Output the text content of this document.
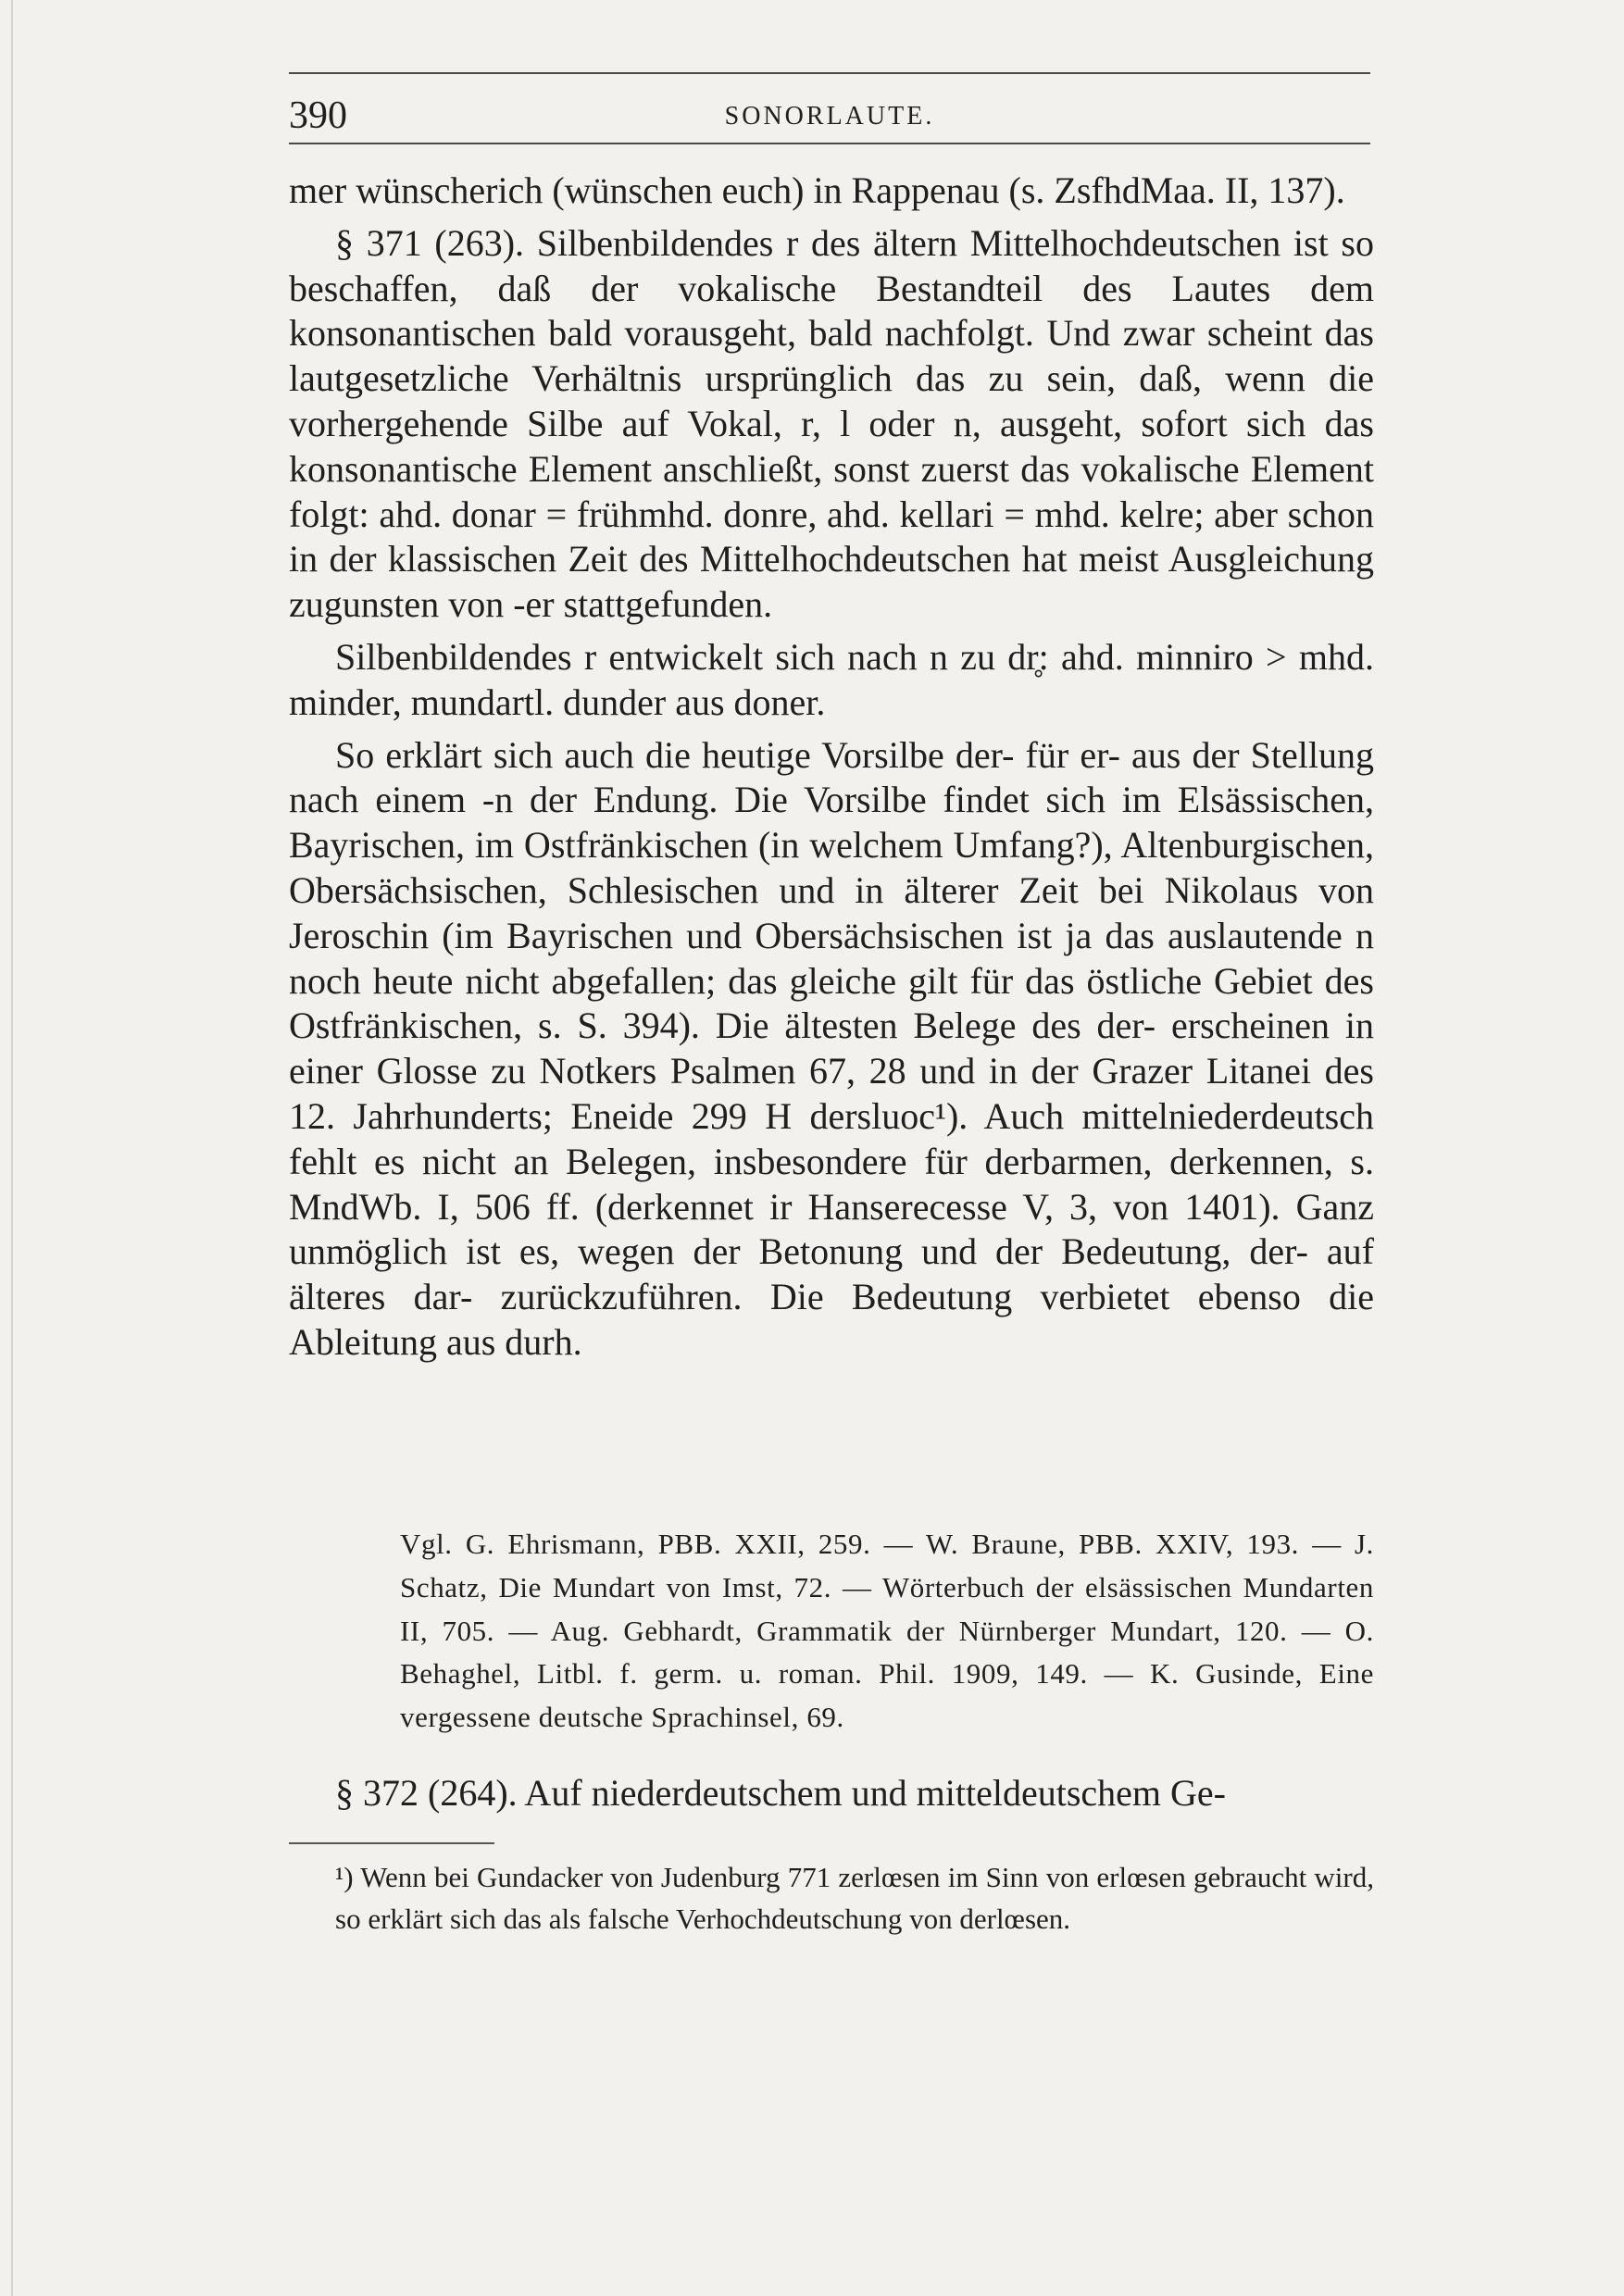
390	SONORLAUTE.

mer wünscherich (wünschen euch) in Rappenau (s. ZsfhdMaa. II, 137).

§ 371 (263). Silbenbildendes r des ältern Mittelhochdeutschen ist so beschaffen, daß der vokalische Bestandteil des Lautes dem konsonantischen bald vorausgeht, bald nachfolgt. Und zwar scheint das lautgesetzliche Verhältnis ursprünglich das zu sein, daß, wenn die vorhergehende Silbe auf Vokal, r, l oder n, ausgeht, sofort sich das konsonantische Element anschließt, sonst zuerst das vokalische Element folgt: ahd. donar = frühmhd. donre, ahd. kellari = mhd. kelre; aber schon in der klassischen Zeit des Mittelhochdeutschen hat meist Ausgleichung zugunsten von -er stattgefunden.

Silbenbildendes r entwickelt sich nach n zu dr̥: ahd. minniro > mhd. minder, mundartl. dunder aus doner.

So erklärt sich auch die heutige Vorsilbe der- für er- aus der Stellung nach einem -n der Endung. Die Vorsilbe findet sich im Elsässischen, Bayrischen, im Ostfränkischen (in welchem Umfang?), Altenburgischen, Obersächsischen, Schlesischen und in älterer Zeit bei Nikolaus von Jeroschin (im Bayrischen und Obersächsischen ist ja das auslautende n noch heute nicht abgefallen; das gleiche gilt für das östliche Gebiet des Ostfränkischen, s. S. 394). Die ältesten Belege des der- erscheinen in einer Glosse zu Notkers Psalmen 67, 28 und in der Grazer Litanei des 12. Jahrhunderts; Eneide 299 H dersluoc¹). Auch mittelniederdeutsch fehlt es nicht an Belegen, insbesondere für derbarmen, derkennen, s. MndWb. I, 506 ff. (derkennet ir Hanserecesse V, 3, von 1401). Ganz unmöglich ist es, wegen der Betonung und der Bedeutung, der- auf älteres dar- zurückzuführen. Die Bedeutung verbietet ebenso die Ableitung aus durh.

Vgl. G. Ehrismann, PBB. XXII, 259. — W. Braune, PBB. XXIV, 193. — J. Schatz, Die Mundart von Imst, 72. — Wörterbuch der elsässischen Mundarten II, 705. — Aug. Gebhardt, Grammatik der Nürnberger Mundart, 120. — O. Behaghel, Litbl. f. germ. u. roman. Phil. 1909, 149. — K. Gusinde, Eine vergessene deutsche Sprachinsel, 69.

§ 372 (264). Auf niederdeutschem und mitteldeutschem Ge-

¹) Wenn bei Gundacker von Judenburg 771 zerlœsen im Sinn von erlœsen gebraucht wird, so erklärt sich das als falsche Verhochdeutschung von derlœsen.
